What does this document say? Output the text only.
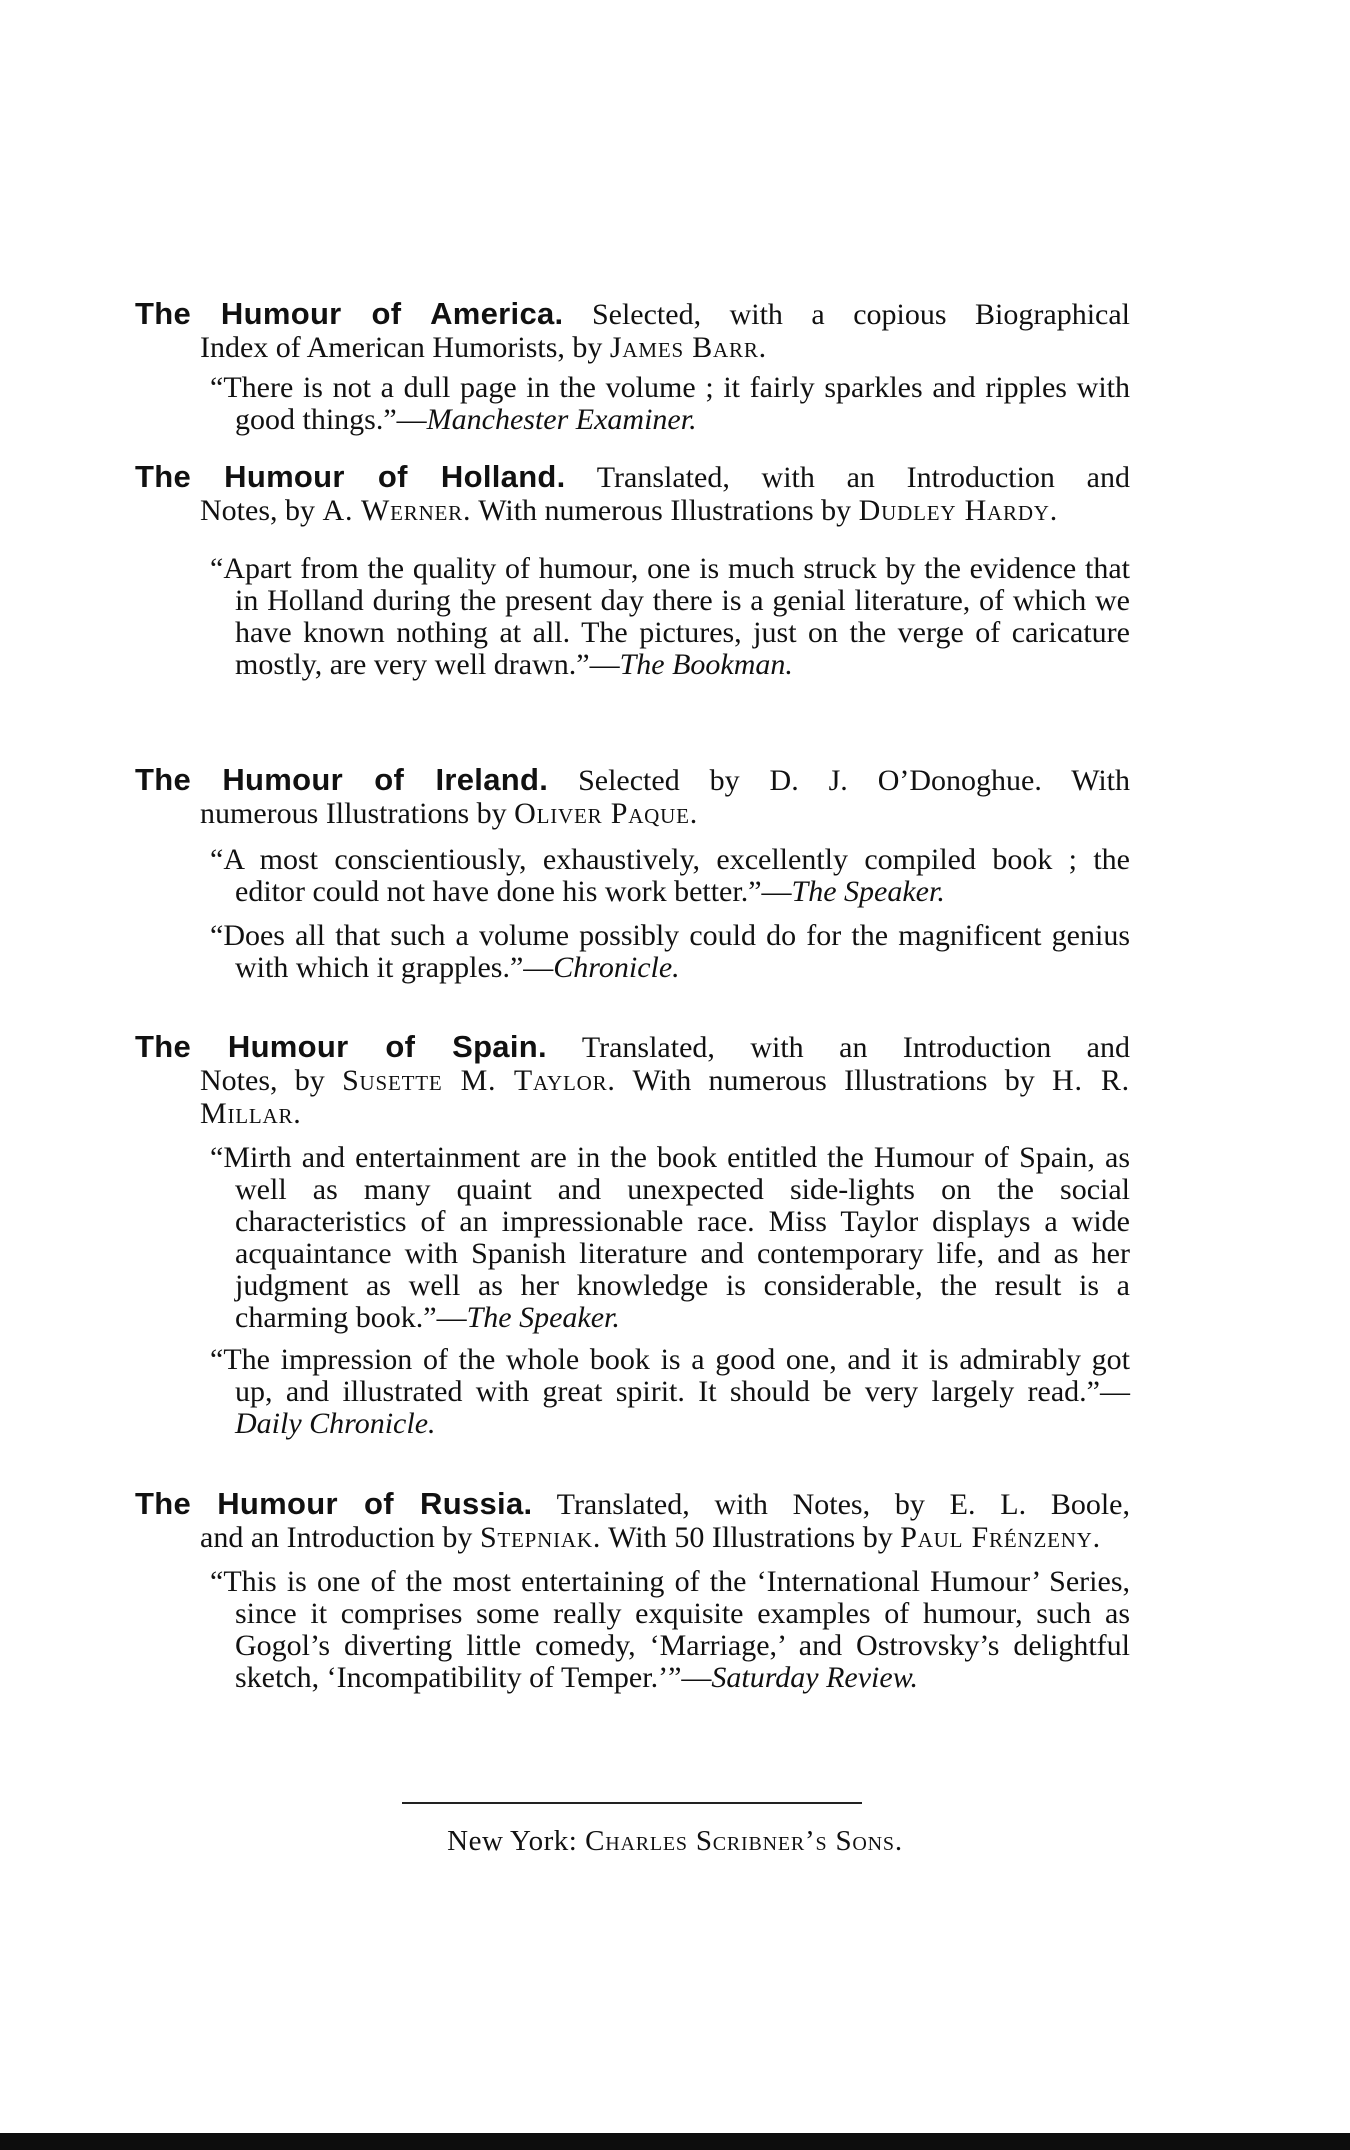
The Humour of America. Selected, with a copious Biographical
Index of American Humorists, by James Barr.
“There is not a dull page in the volume ; it fairly sparkles and ripples with good things.”—Manchester Examiner.
The Humour of Holland. Translated, with an Introduction and
Notes, by A. Werner. With numerous Illustrations by Dudley Hardy.
“Apart from the quality of humour, one is much struck by the evidence that in Holland during the present day there is a genial literature, of which we have known nothing at all. The pictures, just on the verge of caricature mostly, are very well drawn.”—The Bookman.
The Humour of Ireland. Selected by D. J. O’Donoghue. With
numerous Illustrations by Oliver Paque.
“A most conscientiously, exhaustively, excellently compiled book ; the editor could not have done his work better.”—The Speaker.
“Does all that such a volume possibly could do for the magnificent genius with which it grapples.”—Chronicle.
The Humour of Spain. Translated, with an Introduction and
Notes, by Susette M. Taylor. With numerous Illustrations by H. R. Millar.
“Mirth and entertainment are in the book entitled the Humour of Spain, as well as many quaint and unexpected side-lights on the social characteristics of an impressionable race. Miss Taylor displays a wide acquaintance with Spanish literature and contemporary life, and as her judgment as well as her knowledge is considerable, the result is a charming book.”—The Speaker.
“The impression of the whole book is a good one, and it is admirably got up, and illustrated with great spirit. It should be very largely read.”—Daily Chronicle.
The Humour of Russia. Translated, with Notes, by E. L. Boole,
and an Introduction by Stepniak. With 50 Illustrations by Paul Frénzeny.
“This is one of the most entertaining of the ‘International Humour’ Series, since it comprises some really exquisite examples of humour, such as Gogol’s diverting little comedy, ‘Marriage,’ and Ostrovsky’s delightful sketch, ‘Incompatibility of Temper.’”—Saturday Review.
New York: Charles Scribner’s Sons.
